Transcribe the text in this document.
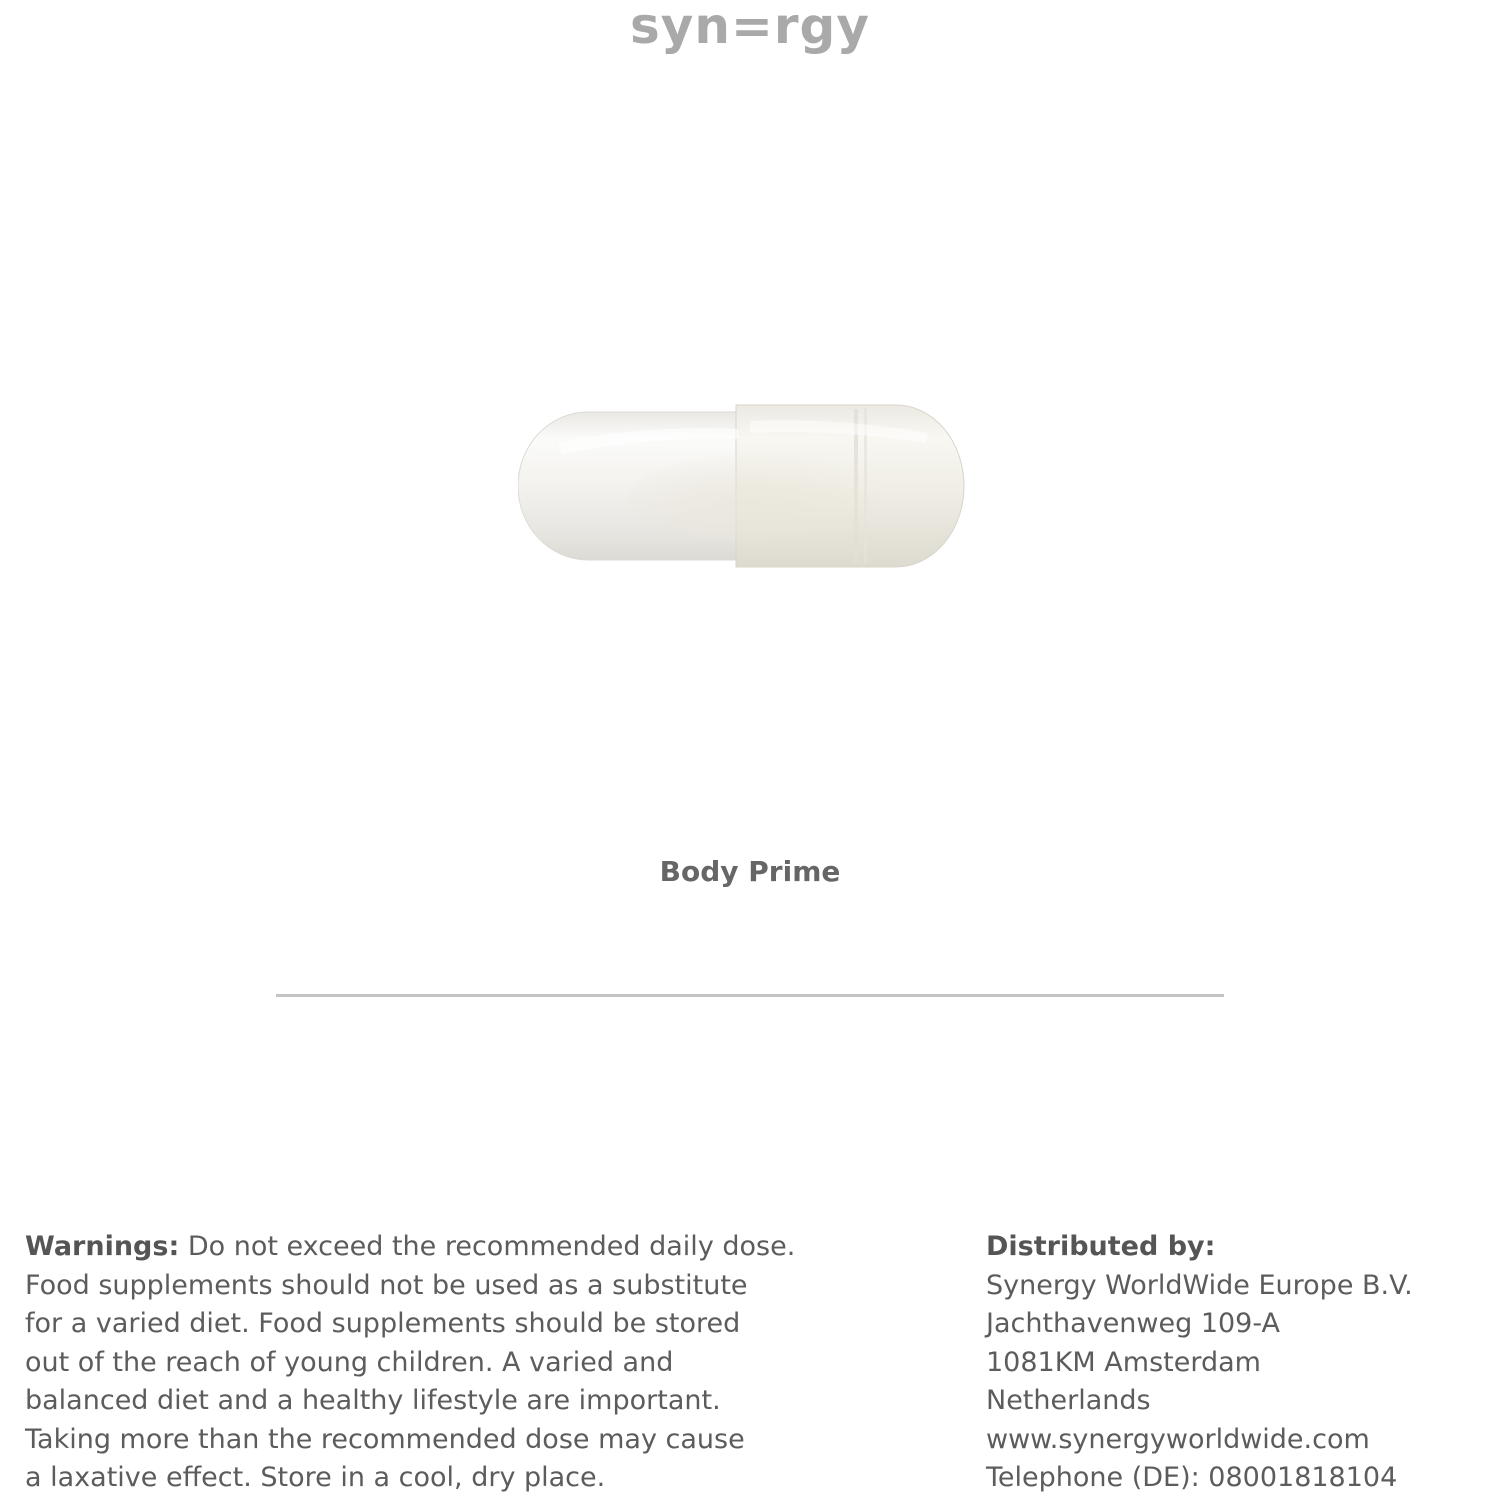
syn=rgy
Body Prime
Warnings: Do not exceed the recommended daily dose.
Food supplements should not be used as a substitute
for a varied diet. Food supplements should be stored
out of the reach of young children. A varied and
balanced diet and a healthy lifestyle are important.
Taking more than the recommended dose may cause
a laxative effect. Store in a cool, dry place.
Distributed by:
Synergy WorldWide Europe B.V.
Jachthavenweg 109-A
1081KM Amsterdam
Netherlands
www.synergyworldwide.com
Telephone (DE): 08001818104
